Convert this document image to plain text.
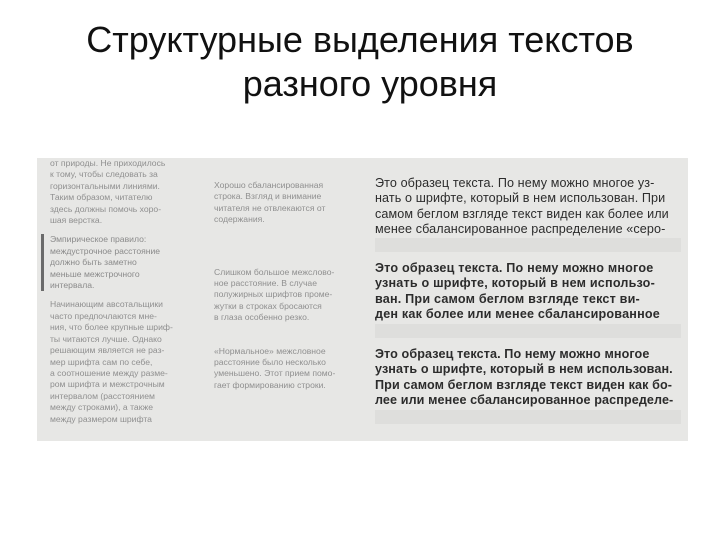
Структурные выделения текстов
разного уровня

от природы. Не приходилось

к тому, чтобы следовать за

горизонтальными линиями.

Таким образом, читателю

здесь должны помочь хоро-

шая верстка.

Эмпирическое правило:

междустрочное расстояние

должно быть заметно

меньше межстрочного

интервала.

Начинающим авсотальщики

часто предпочлаются мне-

ния, что более крупные шриф-

ты читаются лучше. Однако

решающим является не раз-

мер шрифта сам по себе,

а соотношение между разме-

ром шрифта и межстрочным

интервалом (расстоянием

между строками), а также

между размером шрифта

Хорошо сбалансированная

строка. Взгляд и внимание

читателя не отвлекаются от

содержания.

Слишком большое межслово-

ное расстояние. В случае

полужирных шрифтов проме-

жутки в строках бросаются

в глаза особенно резко.

«Нормальное» межсловное

расстояние было несколько

уменьшено. Этот прием помо-

гает формированию строки.

Это образец текста. По нему можно многое уз-

нать о шрифте, который в нем использован. При

самом беглом взгляде текст виден как более или

менее сбалансированное распределение «серо-

Это образец текста. По нему можно многое

узнать о шрифте, который в нем использо-

ван. При самом беглом взгляде текст ви-

ден как более или менее сбалансированное

Это образец текста. По нему можно многое

узнать о шрифте, который в нем использован.

При самом беглом взгляде текст виден как бо-

лее или менее сбалансированное распределе-
